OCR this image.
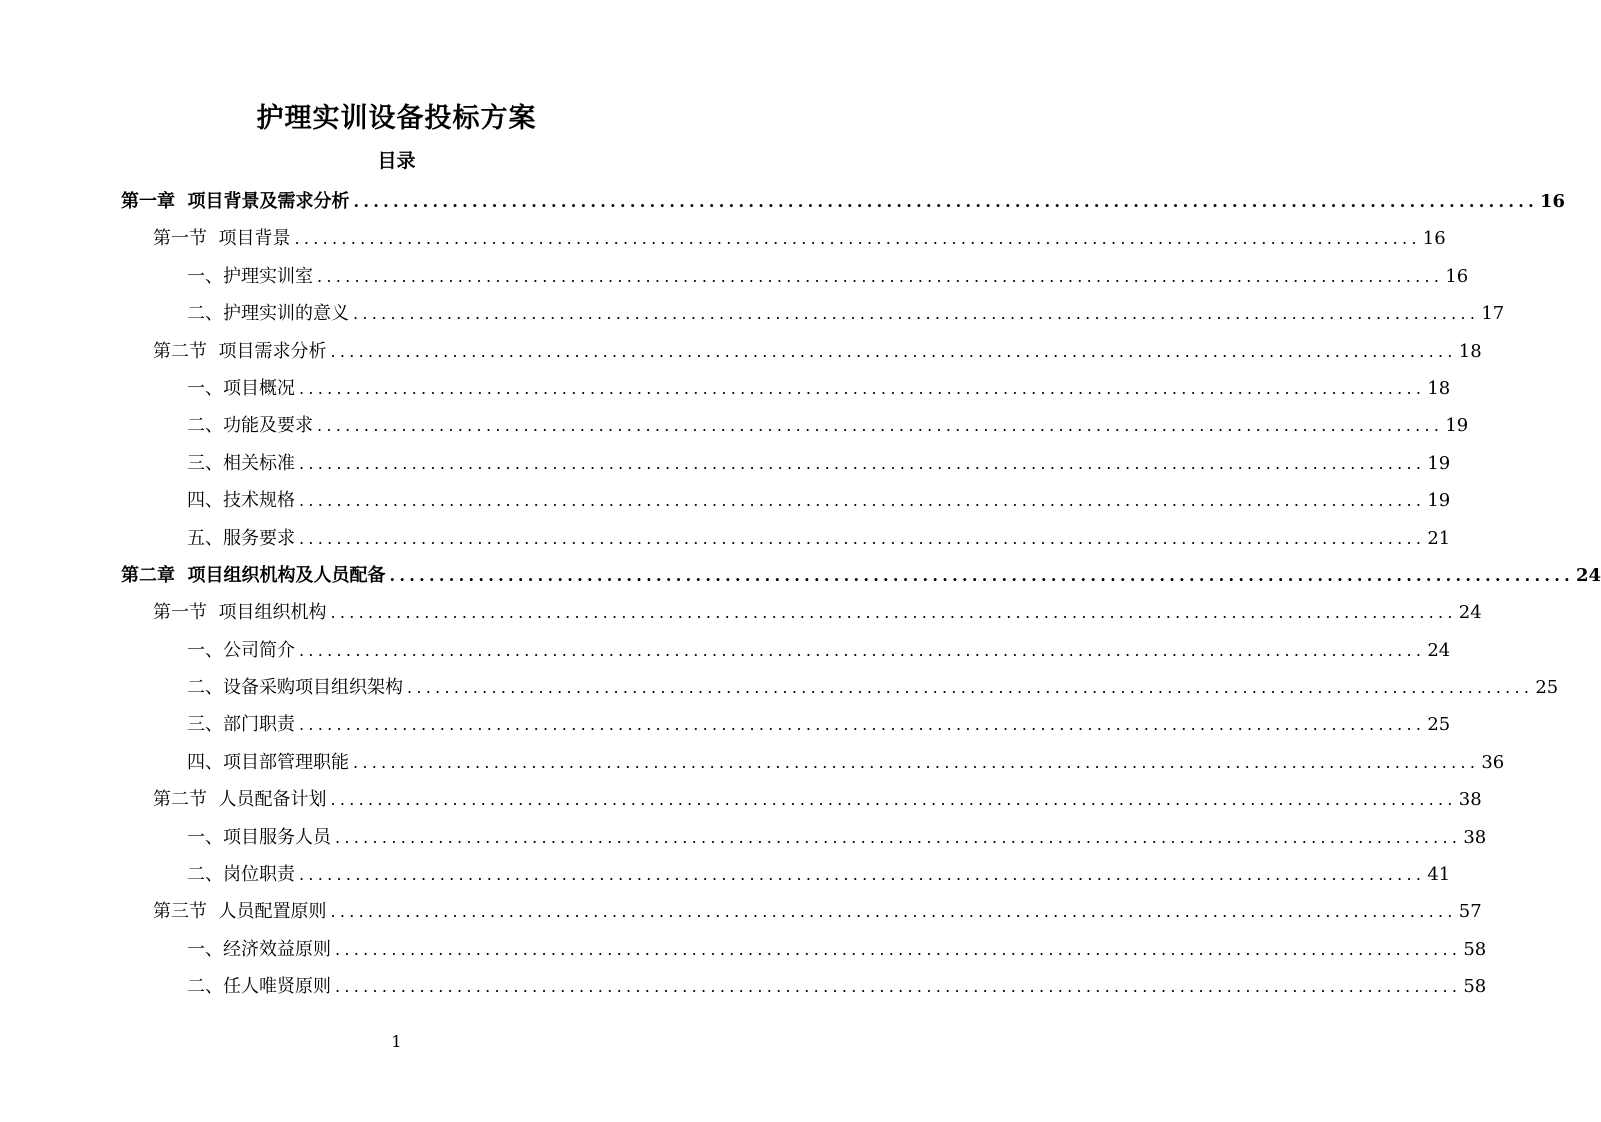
护理实训设备投标方案
目录
第一章  项目背景及需求分析 ........................................................................................................................ 16
第一节  项目背景 ........................................................................................................................ 16
一、护理实训室 ........................................................................................................................ 16
二、护理实训的意义 ........................................................................................................................ 17
第二节  项目需求分析 ........................................................................................................................ 18
一、项目概况 ........................................................................................................................ 18
二、功能及要求 ........................................................................................................................ 19
三、相关标准 ........................................................................................................................ 19
四、技术规格 ........................................................................................................................ 19
五、服务要求 ........................................................................................................................ 21
第二章  项目组织机构及人员配备 ........................................................................................................................ 24
第一节  项目组织机构 ........................................................................................................................ 24
一、公司简介 ........................................................................................................................ 24
二、设备采购项目组织架构 ........................................................................................................................ 25
三、部门职责 ........................................................................................................................ 25
四、项目部管理职能 ........................................................................................................................ 36
第二节  人员配备计划 ........................................................................................................................ 38
一、项目服务人员 ........................................................................................................................ 38
二、岗位职责 ........................................................................................................................ 41
第三节  人员配置原则 ........................................................................................................................ 57
一、经济效益原则 ........................................................................................................................ 58
二、任人唯贤原则 ........................................................................................................................ 58
1
